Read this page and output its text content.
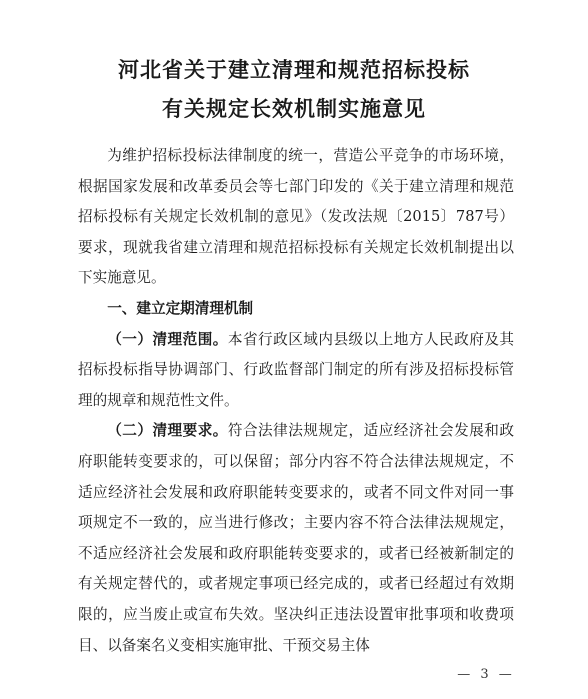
河北省关于建立清理和规范招标投标
有关规定长效机制实施意见

为维护招标投标法律制度的统一，营造公平竞争的市场环境，根据国家发展和改革委员会等七部门印发的《关于建立清理和规范招标投标有关规定长效机制的意见》（发改法规〔2015〕787号）要求，现就我省建立清理和规范招标投标有关规定长效机制提出以下实施意见。

一、建立定期清理机制

（一）清理范围。本省行政区域内县级以上地方人民政府及其招标投标指导协调部门、行政监督部门制定的所有涉及招标投标管理的规章和规范性文件。

（二）清理要求。符合法律法规规定，适应经济社会发展和政府职能转变要求的，可以保留；部分内容不符合法律法规规定，不适应经济社会发展和政府职能转变要求的，或者不同文件对同一事项规定不一致的，应当进行修改；主要内容不符合法律法规规定，不适应经济社会发展和政府职能转变要求的，或者已经被新制定的有关规定替代的，或者规定事项已经完成的，或者已经超过有效期限的，应当废止或宣布失效。坚决纠正违法设置审批事项和收费项目、以备案名义变相实施审批、干预交易主体

— 3 —
